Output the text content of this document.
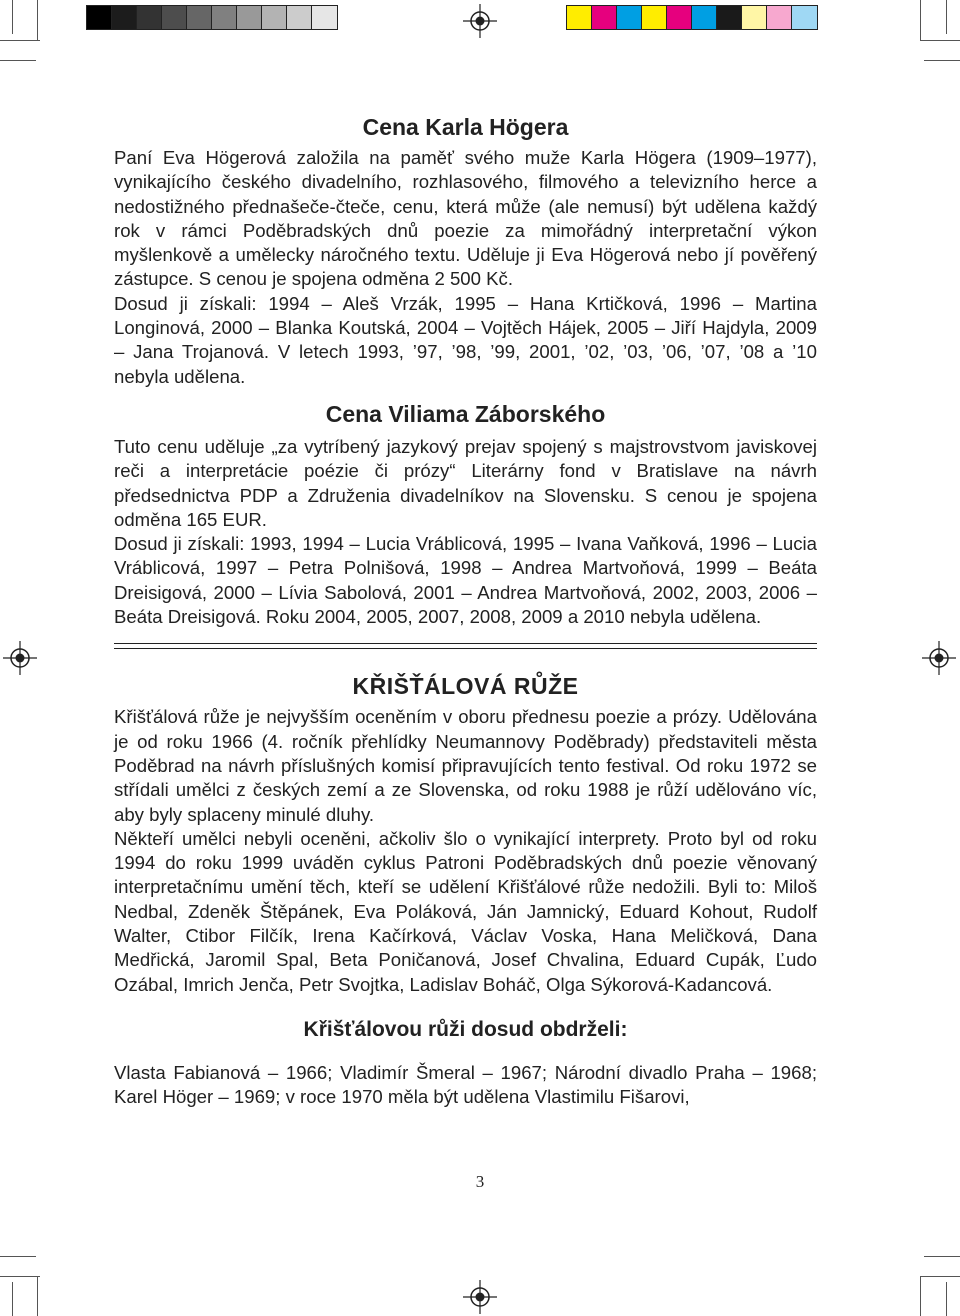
Cena Karla Högera

Paní Eva Högerová založila na paměť svého muže Karla Högera (1909–1977), vynikajícího českého divadelního, rozhlasového, filmového a televizního herce a nedostižného přednašeče-čteče, cenu, která může (ale nemusí) být udělena každý rok v rámci Poděbradských dnů poezie za mimořádný interpretační výkon myšlenkově a umělecky náročného textu. Uděluje ji Eva Högerová nebo jí pověřený zástupce. S cenou je spojena odměna 2 500 Kč.

Dosud ji získali: 1994 – Aleš Vrzák, 1995 – Hana Krtičková, 1996 – Martina Longinová, 2000 – Blanka Koutská, 2004 – Vojtěch Hájek, 2005 – Jiří Hajdyla, 2009 – Jana Trojanová. V letech 1993, ’97, ’98, ’99, 2001, ’02, ’03, ’06, ’07, ’08 a ’10 nebyla udělena.

Cena Viliama Záborského

Tuto cenu uděluje „za vytríbený jazykový prejav spojený s majstrovstvom javiskovej reči a interpretácie poézie či prózy“ Literárny fond v Bratislave na návrh předsednictva PDP a Združenia divadelníkov na Slovensku. S cenou je spojena odměna 165 EUR.

Dosud ji získali: 1993, 1994 – Lucia Vráblicová, 1995 – Ivana Vaňková, 1996 – Lucia Vráblicová, 1997 – Petra Polnišová, 1998 – Andrea Martvoňová, 1999 – Beáta Dreisigová, 2000 – Lívia Sabolová, 2001 – Andrea Martvoňová, 2002, 2003, 2006 – Beáta Dreisigová. Roku 2004, 2005, 2007, 2008, 2009 a 2010 nebyla udělena.

KŘIŠŤÁLOVÁ RŮŽE

Křišťálová růže je nejvyšším oceněním v oboru přednesu poezie a prózy. Udělována je od roku 1966 (4. ročník přehlídky Neumannovy Poděbrady) představiteli města Poděbrad na návrh příslušných komisí připravujících tento festival. Od roku 1972 se střídali umělci z českých zemí a ze Slovenska, od roku 1988 je růží udělováno víc, aby byly splaceny minulé dluhy.

Někteří umělci nebyli oceněni, ačkoliv šlo o vynikající interprety. Proto byl od roku 1994 do roku 1999 uváděn cyklus Patroni Poděbradských dnů poezie věnovaný interpretačnímu umění těch, kteří se udělení Křišťálové růže nedožili. Byli to: Miloš Nedbal, Zdeněk Štěpánek, Eva Poláková, Ján Jamnický, Eduard Kohout, Rudolf Walter, Ctibor Filčík, Irena Kačírková, Václav Voska, Hana Meličková, Dana Medřická, Jaromil Spal, Beta Poničanová, Josef Chvalina, Eduard Cupák, Ľudo Ozábal, Imrich Jenča, Petr Svojtka, Ladislav Boháč, Olga Sýkorová-Kadancová.

Křišťálovou růži dosud obdrželi:

Vlasta Fabianová – 1966; Vladimír Šmeral – 1967; Národní divadlo Praha – 1968; Karel Höger – 1969; v roce 1970 měla být udělena Vlastimilu Fišarovi,

3
